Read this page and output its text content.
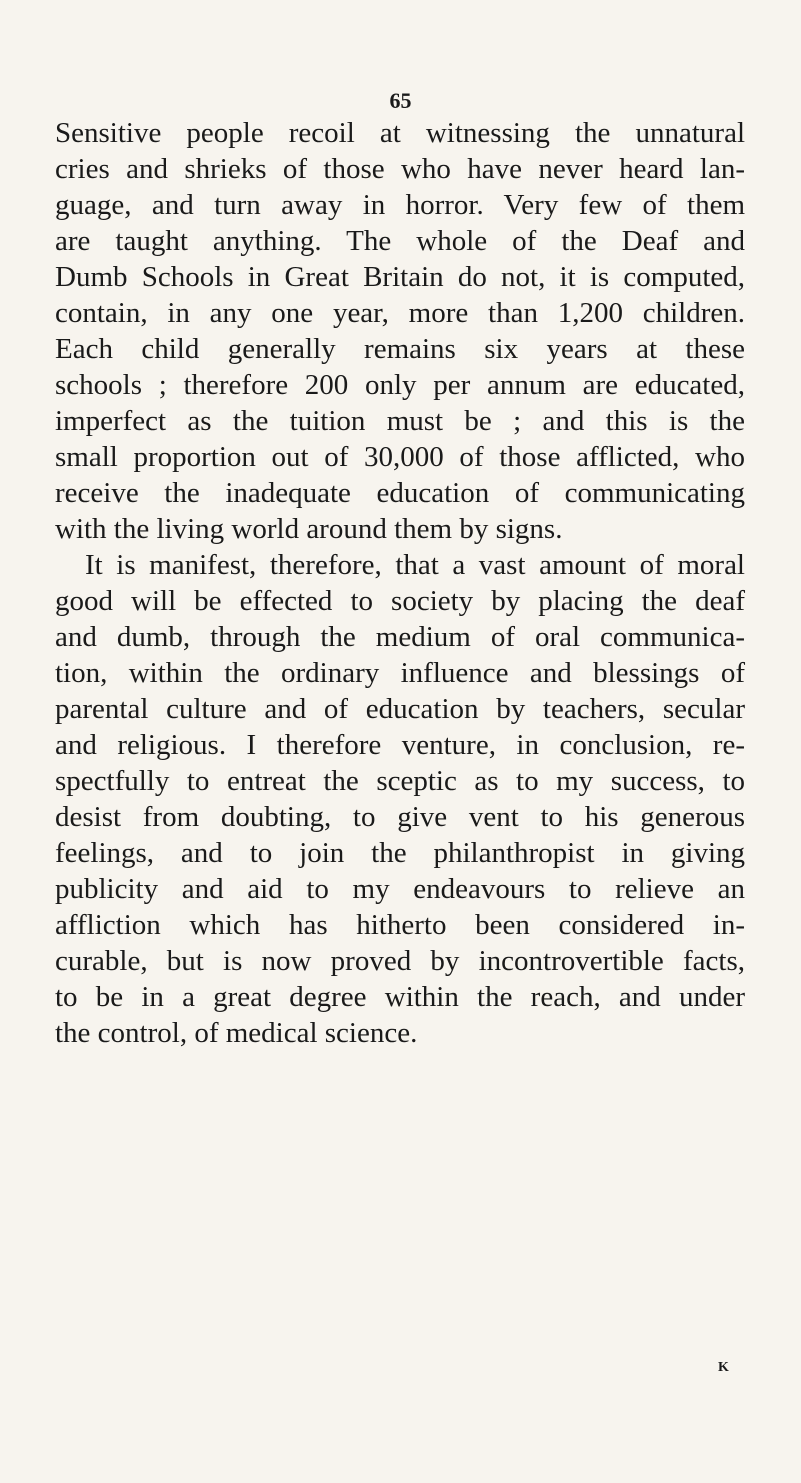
65
Sensitive people recoil at witnessing the unnatural
cries and shrieks of those who have never heard lan-
guage, and turn away in horror. Very few of them
are taught anything. The whole of the Deaf and
Dumb Schools in Great Britain do not, it is computed,
contain, in any one year, more than 1,200 children.
Each child generally remains six years at these
schools ; therefore 200 only per annum are educated,
imperfect as the tuition must be ; and this is the
small proportion out of 30,000 of those afflicted, who
receive the inadequate education of communicating
with the living world around them by signs.
It is manifest, therefore, that a vast amount of moral
good will be effected to society by placing the deaf
and dumb, through the medium of oral communica-
tion, within the ordinary influence and blessings of
parental culture and of education by teachers, secular
and religious. I therefore venture, in conclusion, re-
spectfully to entreat the sceptic as to my success, to
desist from doubting, to give vent to his generous
feelings, and to join the philanthropist in giving
publicity and aid to my endeavours to relieve an
affliction which has hitherto been considered in-
curable, but is now proved by incontrovertible facts,
to be in a great degree within the reach, and under
the control, of medical science.
K
